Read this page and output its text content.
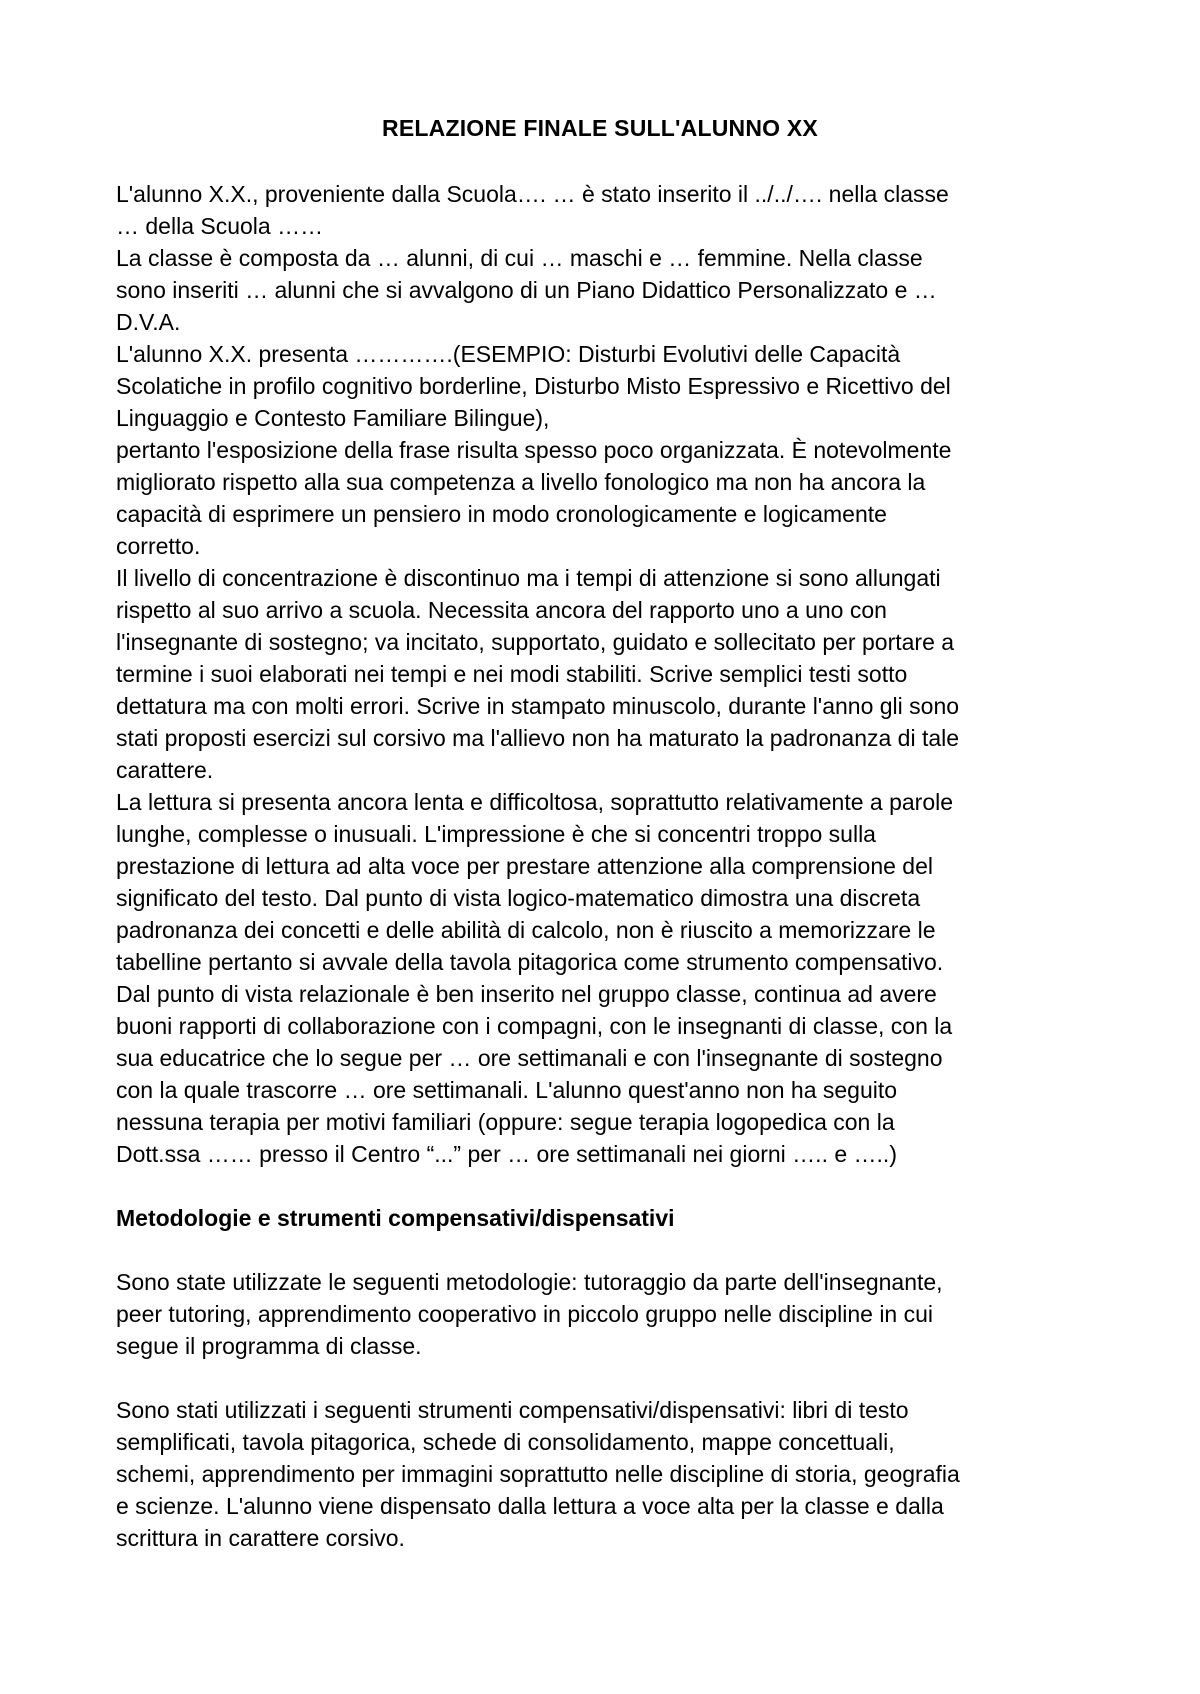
RELAZIONE FINALE SULL'ALUNNO XX
L'alunno X.X., proveniente dalla Scuola…. … è stato inserito il ../../…. nella classe
… della Scuola ……
La classe è composta da … alunni, di cui … maschi e … femmine. Nella classe
sono inseriti … alunni che si avvalgono di un Piano Didattico Personalizzato e …
D.V.A.
L'alunno X.X. presenta ………….(ESEMPIO: Disturbi Evolutivi delle Capacità
Scolatiche in profilo cognitivo borderline, Disturbo Misto Espressivo e Ricettivo del
Linguaggio e Contesto Familiare Bilingue),
pertanto l'esposizione della frase risulta spesso poco organizzata. È notevolmente
migliorato rispetto alla sua competenza a livello fonologico ma non ha ancora la
capacità di esprimere un pensiero in modo cronologicamente e logicamente
corretto.
Il livello di concentrazione è discontinuo ma i tempi di attenzione si sono allungati
rispetto al suo arrivo a scuola. Necessita ancora del rapporto uno a uno con
l'insegnante di sostegno; va incitato, supportato, guidato e sollecitato per portare a
termine i suoi elaborati nei tempi e nei modi stabiliti. Scrive semplici testi sotto
dettatura ma con molti errori. Scrive in stampato minuscolo, durante l'anno gli sono
stati proposti esercizi sul corsivo ma l'allievo non ha maturato la padronanza di tale
carattere.
La lettura si presenta ancora lenta e difficoltosa, soprattutto relativamente a parole
lunghe, complesse o inusuali. L'impressione è che si concentri troppo sulla
prestazione di lettura ad alta voce per prestare attenzione alla comprensione del
significato del testo. Dal punto di vista logico-matematico dimostra una discreta
padronanza dei concetti e delle abilità di calcolo, non è riuscito a memorizzare le
tabelline pertanto si avvale della tavola pitagorica come strumento compensativo.
Dal punto di vista relazionale è ben inserito nel gruppo classe, continua ad avere
buoni rapporti di collaborazione con i compagni, con le insegnanti di classe, con la
sua educatrice che lo segue per … ore settimanali e con l'insegnante di sostegno
con la quale trascorre … ore settimanali. L'alunno quest'anno non ha seguito
nessuna terapia per motivi familiari (oppure: segue terapia logopedica con la
Dott.ssa …… presso il Centro “...” per … ore settimanali nei giorni ….. e …..)
Metodologie e strumenti compensativi/dispensativi
Sono state utilizzate le seguenti metodologie: tutoraggio da parte dell'insegnante,
peer tutoring, apprendimento cooperativo in piccolo gruppo nelle discipline in cui
segue il programma di classe.
Sono stati utilizzati i seguenti strumenti compensativi/dispensativi: libri di testo
semplificati, tavola pitagorica, schede di consolidamento, mappe concettuali,
schemi, apprendimento per immagini soprattutto nelle discipline di storia, geografia
e scienze. L'alunno viene dispensato dalla lettura a voce alta per la classe e dalla
scrittura in carattere corsivo.
